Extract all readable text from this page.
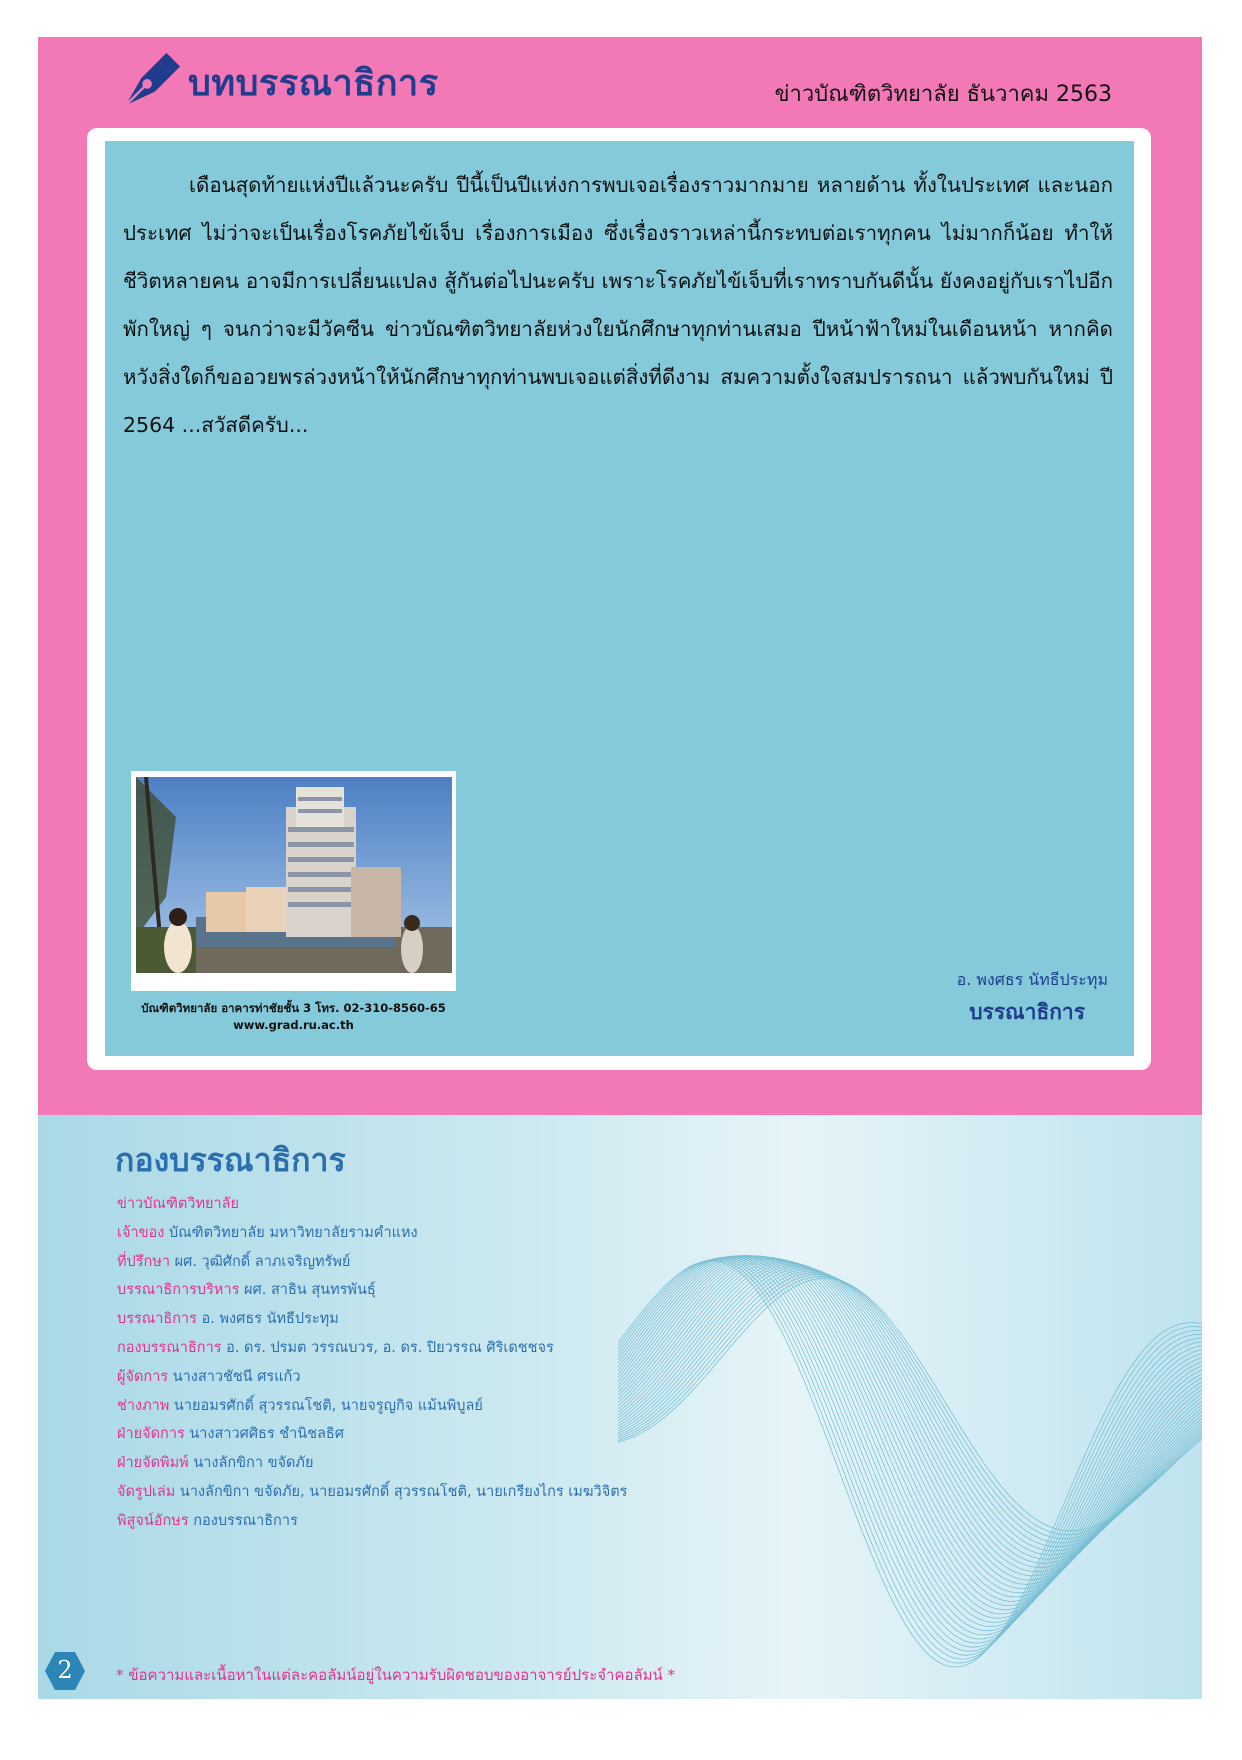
บทบรรณาธิการ	ข่าวบัณฑิตวิทยาลัย ธันวาคม 2563
เดือนสุดท้ายแห่งปีแล้วนะครับ ปีนี้เป็นปีแห่งการพบเจอเรื่องราวมากมาย หลายด้าน ทั้งในประเทศ และนอกประเทศ ไม่ว่าจะเป็นเรื่องโรคภัยไข้เจ็บ เรื่องการเมือง ซึ่งเรื่องราวเหล่านี้กระทบต่อเราทุกคน ไม่มากก็น้อย ทำให้ชีวิตหลายคน อาจมีการเปลี่ยนแปลง สู้กันต่อไปนะครับ เพราะโรคภัยไข้เจ็บที่เราทราบกันดีนั้น ยังคงอยู่กับเราไปอีกพักใหญ่ ๆ จนกว่าจะมีวัคซีน ข่าวบัณฑิตวิทยาลัยห่วงใยนักศึกษาทุกท่านเสมอ ปีหน้าฟ้าใหม่ในเดือนหน้า หากคิดหวังสิ่งใดก็ขออวยพรล่วงหน้าให้นักศึกษาทุกท่านพบเจอแต่สิ่งที่ดีงาม สมความตั้งใจสมปรารถนา แล้วพบกันใหม่ ปี 2564 ...สวัสดีครับ...
บัณฑิตวิทยาลัย อาคารท่าชัยชั้น 3 โทร. 02-310-8560-65
www.grad.ru.ac.th
อ. พงศธร นัทธีประทุม
บรรณาธิการ
กองบรรณาธิการ
ข่าวบัณฑิตวิทยาลัย
เจ้าของ บัณฑิตวิทยาลัย มหาวิทยาลัยรามคำแหง
ที่ปรึกษา ผศ. วุฒิศักดิ์ ลาภเจริญทรัพย์
บรรณาธิการบริหาร ผศ. สาธิน สุนทรพันธุ์
บรรณาธิการ อ. พงศธร นัทธีประทุม
กองบรรณาธิการ อ. ดร. ปรมต วรรณบวร, อ. ดร. ปิยวรรณ ศิริเดชชจร
ผู้จัดการ นางสาวชัชนี ศรแก้ว
ช่างภาพ นายอมรศักดิ์ สุวรรณโชติ, นายจรูญกิจ แม้นพิบูลย์
ฝ่ายจัดการ นางสาวศศิธร ชำนิชลธิศ
ฝ่ายจัดพิมพ์ นางลักขิกา ขจัดภัย
จัดรูปเล่ม นางลักขิกา ขจัดภัย, นายอมรศักดิ์ สุวรรณโชติ, นายเกรียงไกร เมฆวิจิตร
พิสูจน์อักษร กองบรรณาธิการ
2	* ข้อความและเนื้อหาในแต่ละคอลัมน์อยู่ในความรับผิดชอบของอาจารย์ประจำคอลัมน์ *
